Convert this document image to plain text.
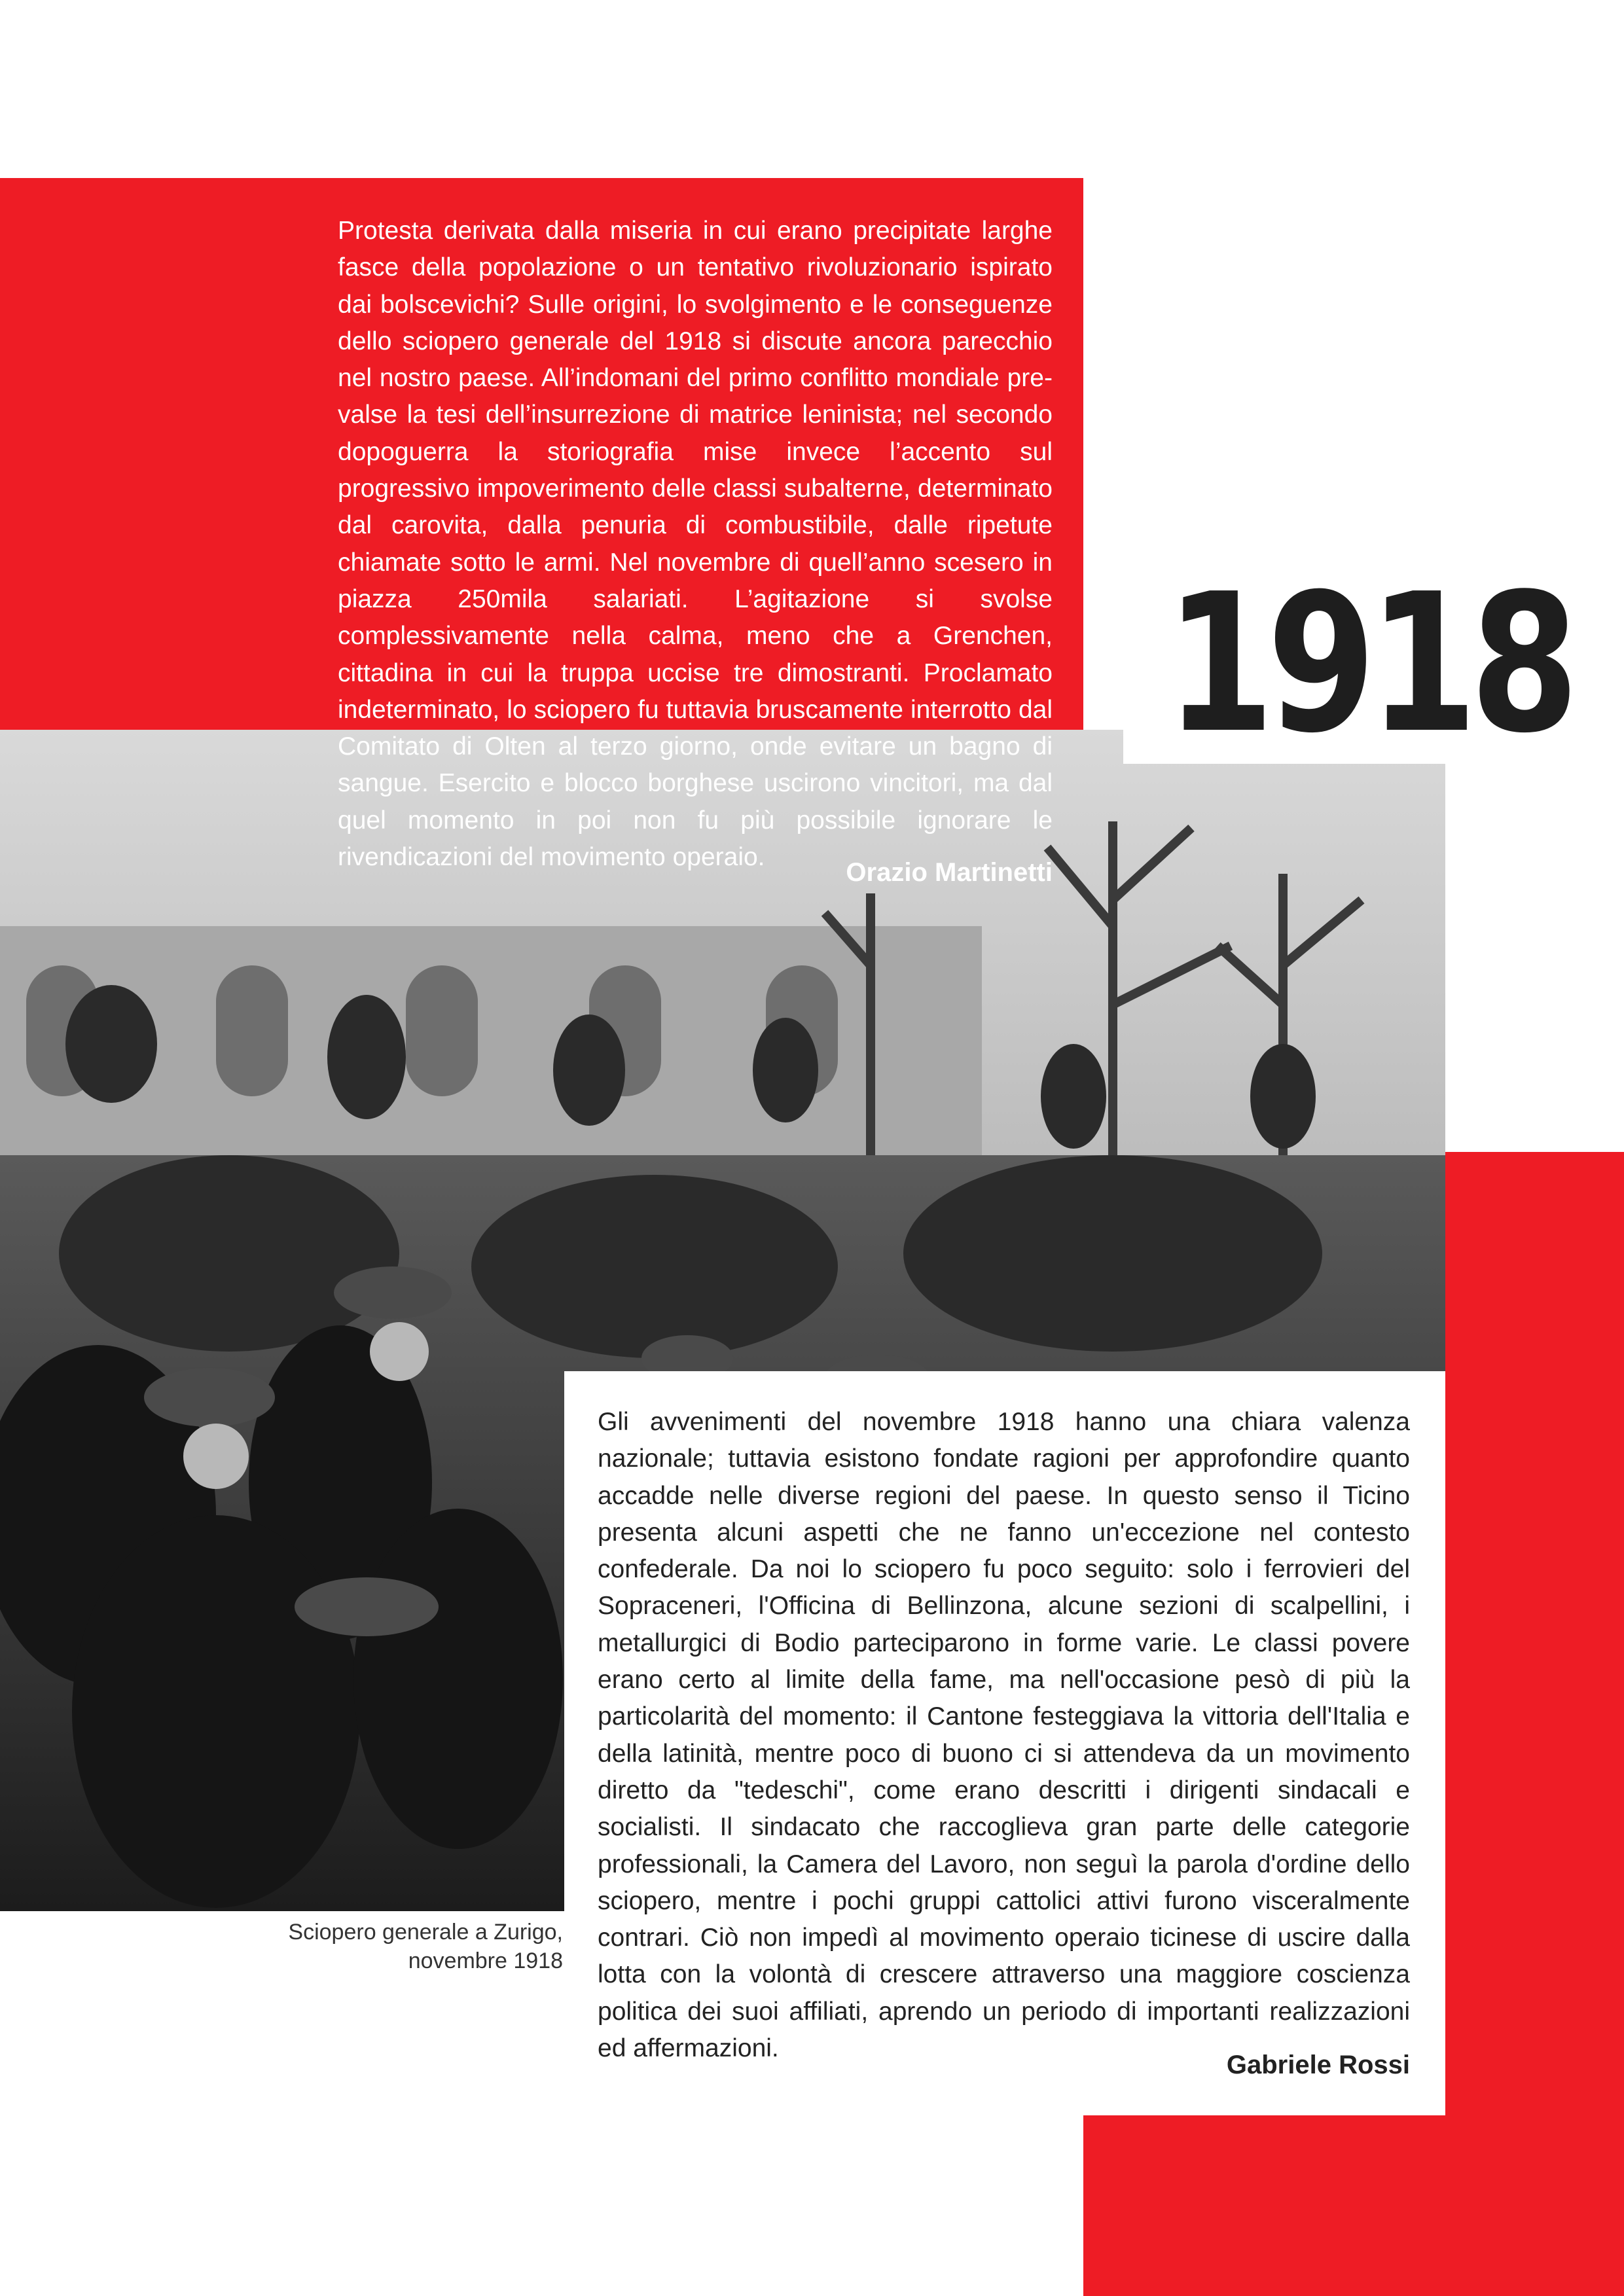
1918
Protesta derivata dalla miseria in cui erano precipitate larghe fasce della popolazione o un tentativo rivoluzionario ispirato dai bolscevichi? Sulle origini, lo svolgimento e le conseguenze dello sciopero generale del 1918 si discute ancora parecchio nel nostro paese. All’indomani del primo conflitto mondiale prevalse la tesi dell’insurrezione di matrice leninista; nel secondo dopoguerra la storiografia mise invece l’accento sul progressivo impoverimento delle classi subalterne, determinato dal carovita, dalla penuria di combustibile, dalle ripetute chiamate sotto le armi. Nel novembre di quell’anno scesero in piazza 250mila salariati. L’agitazione si svolse complessivamente nella calma, meno che a Grenchen, cittadina in cui la truppa uccise tre dimostranti. Proclamato indeterminato, lo sciopero fu tuttavia bruscamente interrotto dal Comitato di Olten al terzo giorno, onde evitare un bagno di sangue. Esercito e blocco borghese uscirono vincitori, ma dal quel momento in poi non fu più possibile ignorare le rivendicazioni del movimento operaio.
Orazio Martinetti
Gli avvenimenti del novembre 1918 hanno una chiara valenza nazionale; tuttavia esistono fondate ragioni per approfondire quanto accadde nelle diverse regioni del paese. In questo senso il Ticino presenta alcuni aspetti che ne fanno un'eccezione nel contesto confederale. Da noi lo sciopero fu poco seguito: solo i ferrovieri del Sopraceneri, l'Officina di Bellinzona, alcune sezioni di scalpellini, i metallurgici di Bodio parteciparono in forme varie. Le classi povere erano certo al limite della fame, ma nell'occasione pesò di più la particolarità del momento: il Cantone festeggiava la vittoria dell'Italia e della latinità, mentre poco di buono ci si attendeva da un movimento diretto da "tedeschi", come erano descritti i dirigenti sindacali e socialisti. Il sindacato che raccoglieva gran parte delle categorie professionali, la Camera del Lavoro, non seguì la parola d'ordine dello sciopero, mentre i pochi gruppi cattolici attivi furono visceralmente contrari. Ciò non impedì al movimento operaio ticinese di uscire dalla lotta con la volontà di crescere attraverso una maggiore coscienza politica dei suoi affiliati, aprendo un periodo di importanti realizzazioni ed affermazioni.
Gabriele Rossi
Sciopero generale a Zurigo,
novembre 1918
